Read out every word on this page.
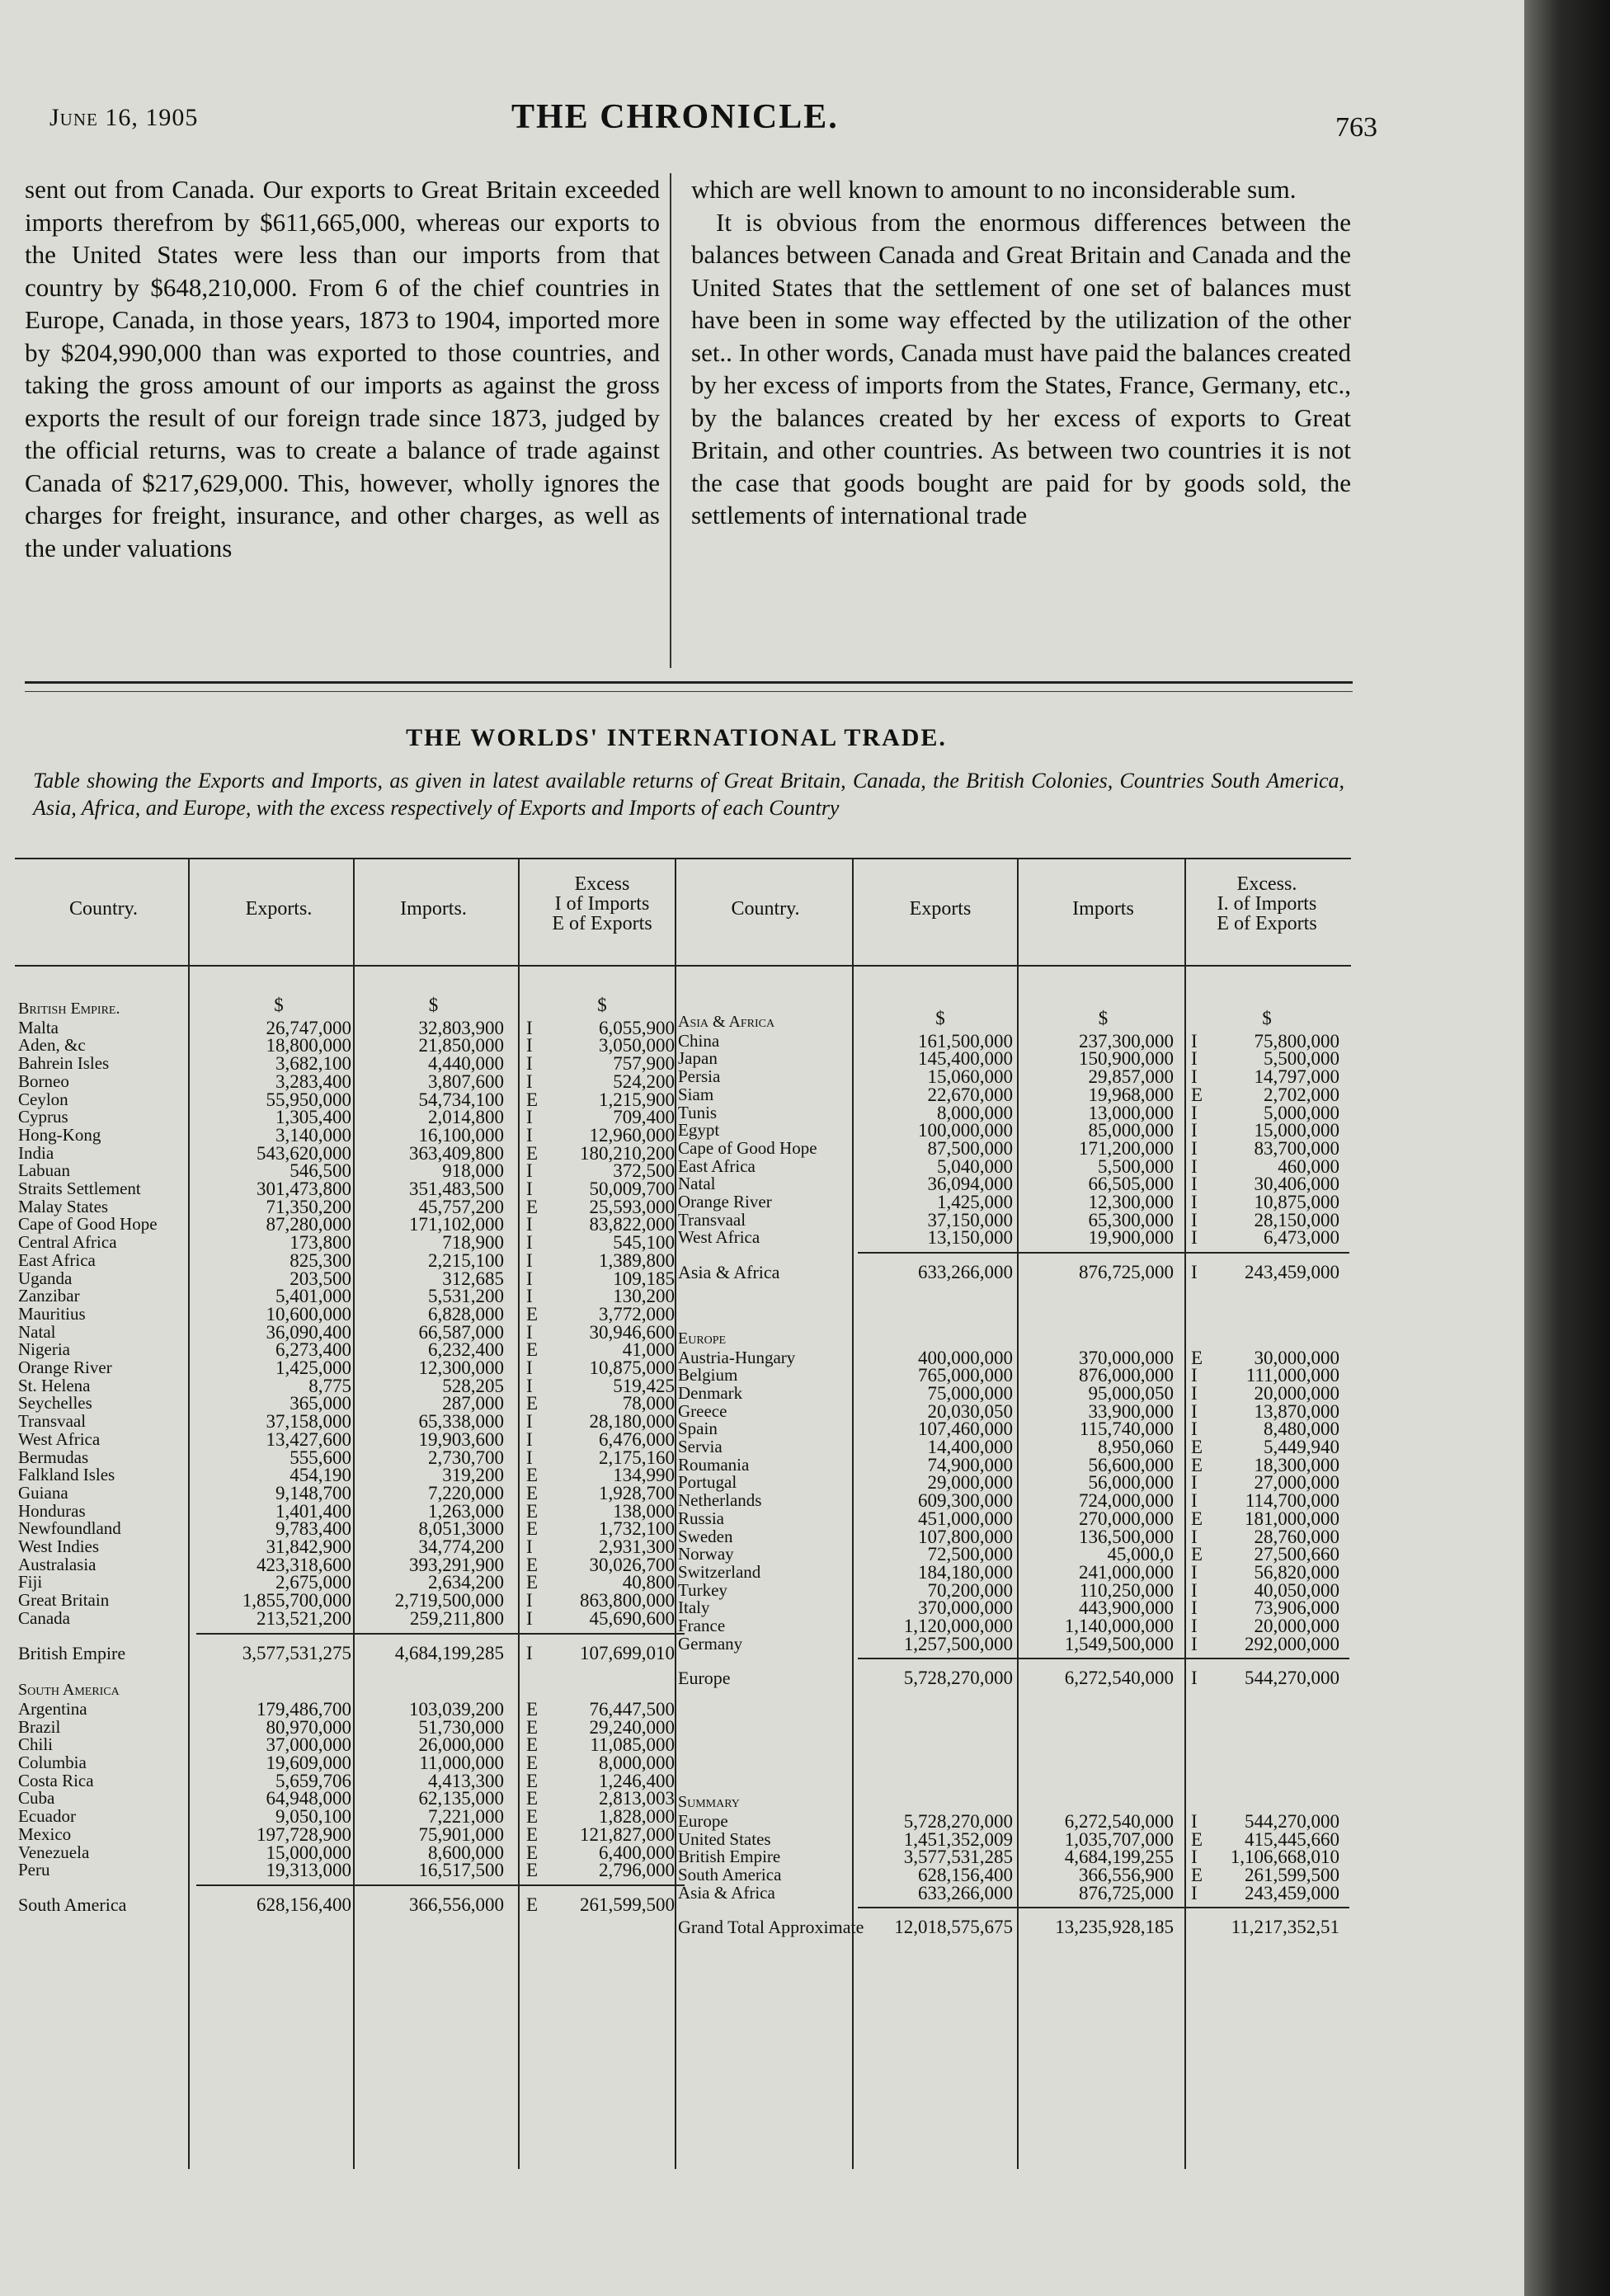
June 16, 1905	THE CHRONICLE.	763
sent out from Canada. Our exports to Great Britain exceeded imports therefrom by $611,665,000, whereas our exports to the United States were less than our imports from that country by $648,210,000. From 6 of the chief countries in Europe, Canada, in those years, 1873 to 1904, imported more by $204,990,000 than was exported to those countries, and taking the gross amount of our imports as against the gross exports the result of our foreign trade since 1873, judged by the official returns, was to create a balance of trade against Canada of $217,629,000. This, however, wholly ignores the charges for freight, insurance, and other charges, as well as the under valuations
which are well known to amount to no inconsiderable sum.
It is obvious from the enormous differences between the balances between Canada and Great Britain and Canada and the United States that the settlement of one set of balances must have been in some way effected by the utilization of the other set.. In other words, Canada must have paid the balances created by her excess of imports from the States, France, Germany, etc., by the balances created by her excess of exports to Great Britain, and other countries. As between two countries it is not the case that goods bought are paid for by goods sold, the settlements of international trade
THE WORLDS' INTERNATIONAL TRADE.
Table showing the Exports and Imports, as given in latest available returns of Great Britain, Canada, the British Colonies, Countries South America, Asia, Africa, and Europe, with the excess respectively of Exports and Imports of each Country
Country.	Country.
Exports.	Exports
Imports.	Imports
Excess
I of Imports
E of Exports
Excess.
I. of Imports
E of Exports
British Empire.	$	$	$
Malta	26,747,000	32,803,900 I	6,055,900
Aden, &c	18,800,000	21,850,000 I	3,050,000
Bahrein Isles	3,682,100	4,440,000 I	757,900
Borneo	3,283,400	3,807,600 I	524,200
Ceylon	55,950,000	54,734,100 E	1,215,900
Cyprus	1,305,400	2,014,800 I	709,400
Hong-Kong	3,140,000	16,100,000 I	12,960,000
India	543,620,000	363,409,800 E	180,210,200
Labuan	546,500	918,000 I	372,500
Straits Settlement	301,473,800	351,483,500 I	50,009,700
Malay States	71,350,200	45,757,200 E	25,593,000
Cape of Good Hope	87,280,000	171,102,000 I	83,822,000
Central Africa	173,800	718,900 I	545,100
East Africa	825,300	2,215,100 I	1,389,800
Uganda	203,500	312,685 I	109,185
Zanzibar	5,401,000	5,531,200 I	130,200
Mauritius	10,600,000	6,828,000 E	3,772,000
Natal	36,090,400	66,587,000 I	30,946,600
Nigeria	6,273,400	6,232,400 E	41,000
Orange River	1,425,000	12,300,000 I	10,875,000
St. Helena	8,775	528,205 I	519,425
Seychelles	365,000	287,000 E	78,000
Transvaal	37,158,000	65,338,000 I	28,180,000
West Africa	13,427,600	19,903,600 I	6,476,000
Bermudas	555,600	2,730,700 I	2,175,160
Falkland Isles	454,190	319,200 E	134,990
Guiana	9,148,700	7,220,000 E	1,928,700
Honduras	1,401,400	1,263,000 E	138,000
Newfoundland	9,783,400	8,051,3000 E	1,732,100
West Indies	31,842,900	34,774,200 I	2,931,300
Australasia	423,318,600	393,291,900 E	30,026,700
Fiji	2,675,000	2,634,200 E	40,800
Great Britain	1,855,700,000	2,719,500,000 I	863,800,000
Canada	213,521,200	259,211,800 I	45,690,600
British Empire	3,577,531,275	4,684,199,285 I	107,699,010
South America
Argentina	179,486,700	103,039,200 E	76,447,500
Brazil	80,970,000	51,730,000 E	29,240,000
Chili	37,000,000	26,000,000 E	11,085,000
Columbia	19,609,000	11,000,000 E	8,000,000
Costa Rica	5,659,706	4,413,300 E	1,246,400
Cuba	64,948,000	62,135,000 E	2,813,003
Ecuador	9,050,100	7,221,000 E	1,828,000
Mexico	197,728,900	75,901,000 E	121,827,000
Venezuela	15,000,000	8,600,000 E	6,400,000
Peru	19,313,000	16,517,500 E	2,796,000
South America	628,156,400	366,556,000 E	261,599,500
Asia & Africa	$	$	$
China	161,500,000	237,300,000 I	75,800,000
Japan	145,400,000	150,900,000 I	5,500,000
Persia	15,060,000	29,857,000 I	14,797,000
Siam	22,670,000	19,968,000 E	2,702,000
Tunis	8,000,000	13,000,000 I	5,000,000
Egypt	100,000,000	85,000,000 I	15,000,000
Cape of Good Hope	87,500,000	171,200,000 I	83,700,000
East Africa	5,040,000	5,500,000 I	460,000
Natal	36,094,000	66,505,000 I	30,406,000
Orange River	1,425,000	12,300,000 I	10,875,000
Transvaal	37,150,000	65,300,000 I	28,150,000
West Africa	13,150,000	19,900,000 I	6,473,000
Asia & Africa	633,266,000	876,725,000 I	243,459,000
Europe
Austria-Hungary	400,000,000	370,000,000 E	30,000,000
Belgium	765,000,000	876,000,000 I	111,000,000
Denmark	75,000,000	95,000,050 I	20,000,000
Greece	20,030,050	33,900,000 I	13,870,000
Spain	107,460,000	115,740,000 I	8,480,000
Servia	14,400,000	8,950,060 E	5,449,940
Roumania	74,900,000	56,600,000 E	18,300,000
Portugal	29,000,000	56,000,000 I	27,000,000
Netherlands	609,300,000	724,000,000 I	114,700,000
Russia	451,000,000	270,000,000 E	181,000,000
Sweden	107,800,000	136,500,000 I	28,760,000
Norway	72,500,000	45,000,0 E	27,500,660
Switzerland	184,180,000	241,000,000 I	56,820,000
Turkey	70,200,000	110,250,000 I	40,050,000
Italy	370,000,000	443,900,000 I	73,906,000
France	1,120,000,000	1,140,000,000 I	20,000,000
Germany	1,257,500,000	1,549,500,000 I	292,000,000
Europe	5,728,270,000	6,272,540,000 I	544,270,000
Summary
Europe	5,728,270,000	6,272,540,000 I	544,270,000
United States	1,451,352,009	1,035,707,000 E	415,445,660
British Empire	3,577,531,285	4,684,199,255 I	1,106,668,010
South America	628,156,400	366,556,900 E	261,599,500
Asia & Africa	633,266,000	876,725,000 I	243,459,000
Grand Total Approximate	12,018,575,675	13,235,928,185	11,217,352,51
